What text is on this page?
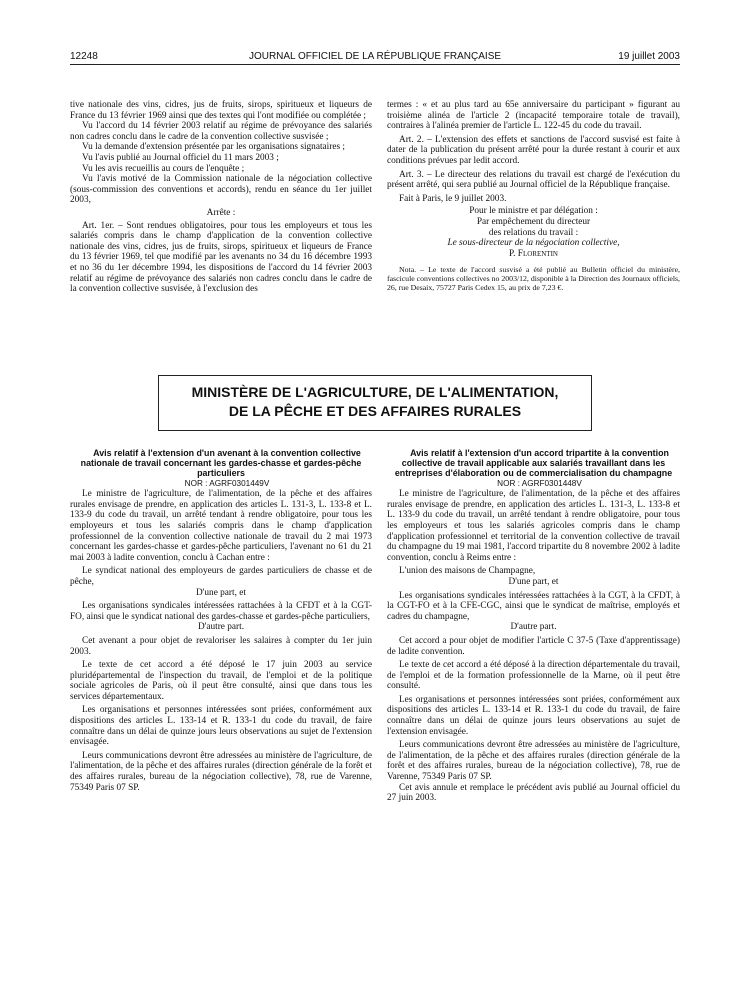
12248	JOURNAL OFFICIEL DE LA RÉPUBLIQUE FRANÇAISE	19 juillet 2003

tive nationale des vins, cidres, jus de fruits, sirops, spiritueux et liqueurs de France du 13 février 1969 ainsi que des textes qui l'ont modifiée ou complétée ;

Vu l'accord du 14 février 2003 relatif au régime de prévoyance des salariés non cadres conclu dans le cadre de la convention collective susvisée ;

Vu la demande d'extension présentée par les organisations signataires ;

Vu l'avis publié au Journal officiel du 11 mars 2003 ;

Vu les avis recueillis au cours de l'enquête ;

Vu l'avis motivé de la Commission nationale de la négociation collective (sous-commission des conventions et accords), rendu en séance du 1er juillet 2003,

Arrête :

Art. 1er. – Sont rendues obligatoires, pour tous les employeurs et tous les salariés compris dans le champ d'application de la convention collective nationale des vins, cidres, jus de fruits, sirops, spiritueux et liqueurs de France du 13 février 1969, tel que modifié par les avenants no 34 du 16 décembre 1993 et no 36 du 1er décembre 1994, les dispositions de l'accord du 14 février 2003 relatif au régime de prévoyance des salariés non cadres conclu dans le cadre de la convention collective susvisée, à l'exclusion des

termes : « et au plus tard au 65e anniversaire du participant » figurant au troisième alinéa de l'article 2 (incapacité temporaire totale de travail), contraires à l'alinéa premier de l'article L. 122-45 du code du travail.

Art. 2. – L'extension des effets et sanctions de l'accord susvisé est faite à dater de la publication du présent arrêté pour la durée restant à courir et aux conditions prévues par ledit accord.

Art. 3. – Le directeur des relations du travail est chargé de l'exécution du présent arrêté, qui sera publié au Journal officiel de la République française.

Fait à Paris, le 9 juillet 2003.

Pour le ministre et par délégation :

Par empêchement du directeur

des relations du travail :

Le sous-directeur de la négociation collective,

P. Florentin

Nota. – Le texte de l'accord susvisé a été publié au Bulletin officiel du ministère, fascicule conventions collectives no 2003/12, disponible à la Direction des Journaux officiels, 26, rue Desaix, 75727 Paris Cedex 15, au prix de 7,23 €.

MINISTÈRE DE L'AGRICULTURE, DE L'ALIMENTATION,
DE LA PÊCHE ET DES AFFAIRES RURALES

Avis relatif à l'extension d'un avenant à la convention collective nationale de travail concernant les gardes-chasse et gardes-pêche particuliers

NOR : AGRF0301449V

Le ministre de l'agriculture, de l'alimentation, de la pêche et des affaires rurales envisage de prendre, en application des articles L. 131-3, L. 133-8 et L. 133-9 du code du travail, un arrêté tendant à rendre obligatoire, pour tous les employeurs et tous les salariés compris dans le champ d'application professionnel de la convention collective nationale de travail du 2 mai 1973 concernant les gardes-chasse et gardes-pêche particuliers, l'avenant no 61 du 21 mai 2003 à ladite convention, conclu à Cachan entre :

Le syndicat national des employeurs de gardes particuliers de chasse et de pêche,

D'une part, et

Les organisations syndicales intéressées rattachées à la CFDT et à la CGT-FO, ainsi que le syndicat national des gardes-chasse et gardes-pêche particuliers,

D'autre part.

Cet avenant a pour objet de revaloriser les salaires à compter du 1er juin 2003.

Le texte de cet accord a été déposé le 17 juin 2003 au service pluridépartemental de l'inspection du travail, de l'emploi et de la politique sociale agricoles de Paris, où il peut être consulté, ainsi que dans tous les services départementaux.

Les organisations et personnes intéressées sont priées, conformément aux dispositions des articles L. 133-14 et R. 133-1 du code du travail, de faire connaître dans un délai de quinze jours leurs observations au sujet de l'extension envisagée.

Leurs communications devront être adressées au ministère de l'agriculture, de l'alimentation, de la pêche et des affaires rurales (direction générale de la forêt et des affaires rurales, bureau de la négociation collective), 78, rue de Varenne, 75349 Paris 07 SP.

Avis relatif à l'extension d'un accord tripartite à la convention collective de travail applicable aux salariés travaillant dans les entreprises d'élaboration ou de commercialisation du champagne

NOR : AGRF0301448V

Le ministre de l'agriculture, de l'alimentation, de la pêche et des affaires rurales envisage de prendre, en application des articles L. 131-3, L. 133-8 et L. 133-9 du code du travail, un arrêté tendant à rendre obligatoire, pour tous les employeurs et tous les salariés agricoles compris dans le champ d'application professionnel et territorial de la convention collective de travail du champagne du 19 mai 1981, l'accord tripartite du 8 novembre 2002 à ladite convention, conclu à Reims entre :

L'union des maisons de Champagne,

D'une part, et

Les organisations syndicales intéressées rattachées à la CGT, à la CFDT, à la CGT-FO et à la CFE-CGC, ainsi que le syndicat de maîtrise, employés et cadres du champagne,

D'autre part.

Cet accord a pour objet de modifier l'article C 37-5 (Taxe d'apprentissage) de ladite convention.

Le texte de cet accord a été déposé à la direction départementale du travail, de l'emploi et de la formation professionnelle de la Marne, où il peut être consulté.

Les organisations et personnes intéressées sont priées, conformément aux dispositions des articles L. 133-14 et R. 133-1 du code du travail, de faire connaître dans un délai de quinze jours leurs observations au sujet de l'extension envisagée.

Leurs communications devront être adressées au ministère de l'agriculture, de l'alimentation, de la pêche et des affaires rurales (direction générale de la forêt et des affaires rurales, bureau de la négociation collective), 78, rue de Varenne, 75349 Paris 07 SP.

Cet avis annule et remplace le précédent avis publié au Journal officiel du 27 juin 2003.
